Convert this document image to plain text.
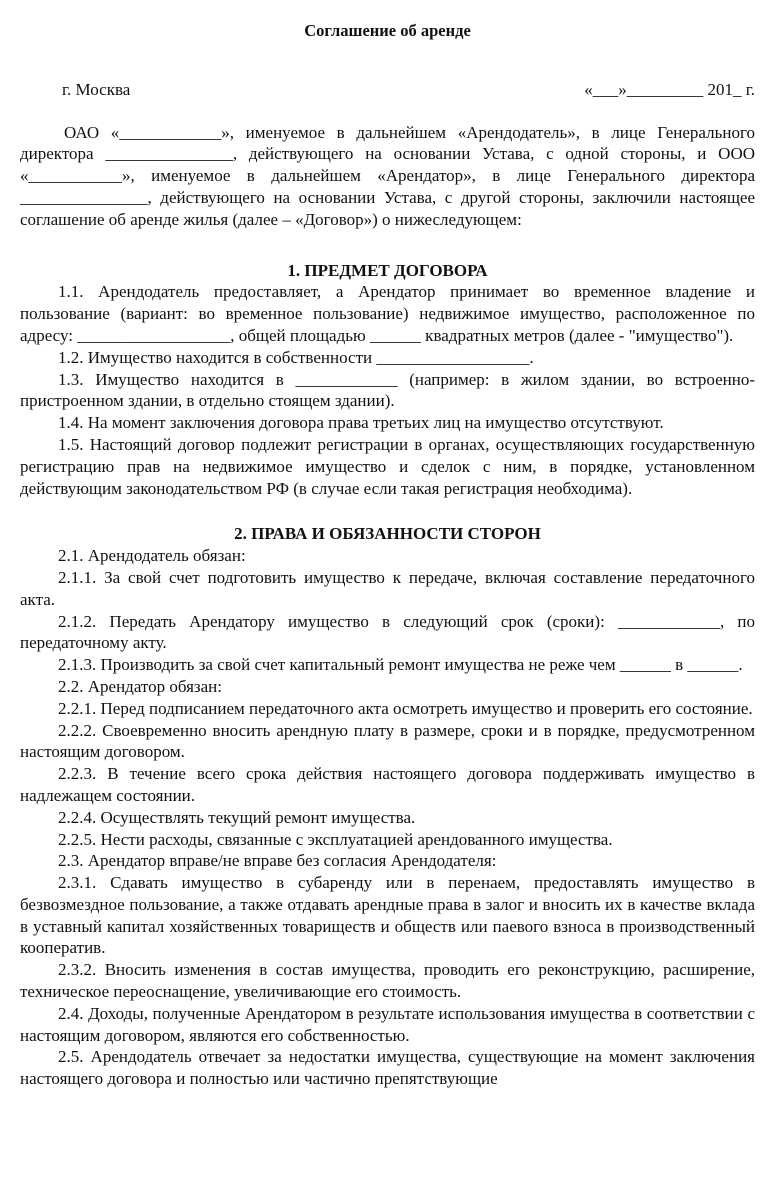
Соглашение об аренде
г. Москва	«___»_________ 201_ г.

ОАО «____________», именуемое в дальнейшем «Арендодатель», в лице Генерального директора _______________, действующего на основании Устава, с одной стороны, и ООО «___________», именуемое в дальнейшем «Арендатор», в лице Генерального директора _______________, действующего на основании Устава, с другой стороны, заключили настоящее соглашение об аренде жилья (далее – «Договор») о нижеследующем:

1. ПРЕДМЕТ ДОГОВОРА

1.1. Арендодатель предоставляет, а Арендатор принимает во временное владение и пользование (вариант: во временное пользование) недвижимое имущество, расположенное по адресу: __________________, общей площадью ______ квадратных метров (далее - "имущество").

1.2. Имущество находится в собственности __________________.

1.3. Имущество находится в ____________ (например: в жилом здании, во встроенно-пристроенном здании, в отдельно стоящем здании).

1.4. На момент заключения договора права третьих лиц на имущество отсутствуют.

1.5. Настоящий договор подлежит регистрации в органах, осуществляющих государственную регистрацию прав на недвижимое имущество и сделок с ним, в порядке, установленном действующим законодательством РФ (в случае если такая регистрация необходима).

2. ПРАВА И ОБЯЗАННОСТИ СТОРОН

2.1. Арендодатель обязан:

2.1.1. За свой счет подготовить имущество к передаче, включая составление передаточного акта.

2.1.2. Передать Арендатору имущество в следующий срок (сроки): ____________, по передаточному акту.

2.1.3. Производить за свой счет капитальный ремонт имущества не реже чем ______ в ______.

2.2. Арендатор обязан:

2.2.1. Перед подписанием передаточного акта осмотреть имущество и проверить его состояние.

2.2.2. Своевременно вносить арендную плату в размере, сроки и в порядке, предусмотренном настоящим договором.

2.2.3. В течение всего срока действия настоящего договора поддерживать имущество в надлежащем состоянии.

2.2.4. Осуществлять текущий ремонт имущества.

2.2.5. Нести расходы, связанные с эксплуатацией арендованного имущества.

2.3. Арендатор вправе/не вправе без согласия Арендодателя:

2.3.1. Сдавать имущество в субаренду или в перенаем, предоставлять имущество в безвозмездное пользование, а также отдавать арендные права в залог и вносить их в качестве вклада в уставный капитал хозяйственных товариществ и обществ или паевого взноса в производственный кооператив.

2.3.2. Вносить изменения в состав имущества, проводить его реконструкцию, расширение, техническое переоснащение, увеличивающие его стоимость.

2.4. Доходы, полученные Арендатором в результате использования имущества в соответствии с настоящим договором, являются его собственностью.

2.5. Арендодатель отвечает за недостатки имущества, существующие на момент заключения настоящего договора и полностью или частично препятствующие
